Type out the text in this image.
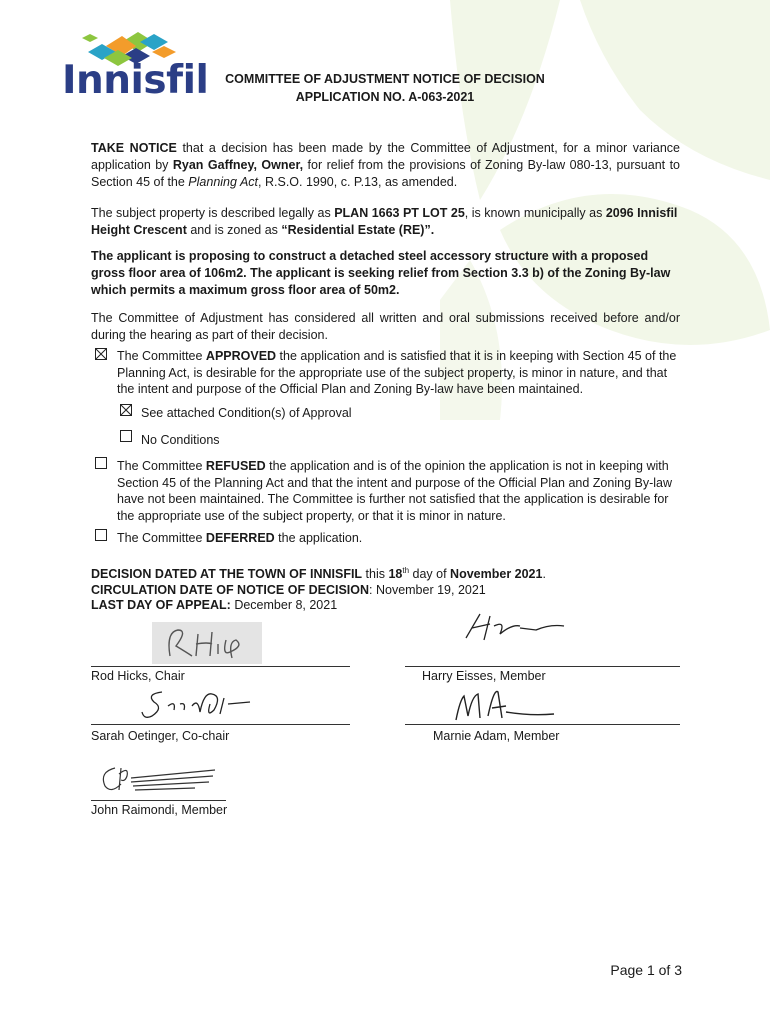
Innisfil	COMMITTEE OF ADJUSTMENT NOTICE OF DECISION
APPLICATION NO. A-063-2021
TAKE NOTICE that a decision has been made by the Committee of Adjustment, for a minor variance application by Ryan Gaffney, Owner, for relief from the provisions of Zoning By-law 080-13, pursuant to Section 45 of the Planning Act, R.S.O. 1990, c. P.13, as amended.
The subject property is described legally as PLAN 1663 PT LOT 25, is known municipally as 2096 Innisfil Height Crescent and is zoned as “Residential Estate (RE)”.
The applicant is proposing to construct a detached steel accessory structure with a proposed gross floor area of 106m2. The applicant is seeking relief from Section 3.3 b) of the Zoning By-law which permits a maximum gross floor area of 50m2.
The Committee of Adjustment has considered all written and oral submissions received before and/or during the hearing as part of their decision.
The Committee APPROVED the application and is satisfied that it is in keeping with Section 45 of the Planning Act, is desirable for the appropriate use of the subject property, is minor in nature, and that the intent and purpose of the Official Plan and Zoning By-law have been maintained.
See attached Condition(s) of Approval
No Conditions
The Committee REFUSED the application and is of the opinion the application is not in keeping with Section 45 of the Planning Act and that the intent and purpose of the Official Plan and Zoning By-law have not been maintained. The Committee is further not satisfied that the application is desirable for the appropriate use of the subject property, or that it is minor in nature.
The Committee DEFERRED the application.
DECISION DATED AT THE TOWN OF INNISFIL this 18th day of November 2021.
CIRCULATION DATE OF NOTICE OF DECISION: November 19, 2021
LAST DAY OF APPEAL: December 8, 2021
Rod Hicks, Chair	Harry Eisses, Member
Sarah Oetinger, Co-chair	Marnie Adam, Member
John Raimondi, Member
Page 1 of 3
